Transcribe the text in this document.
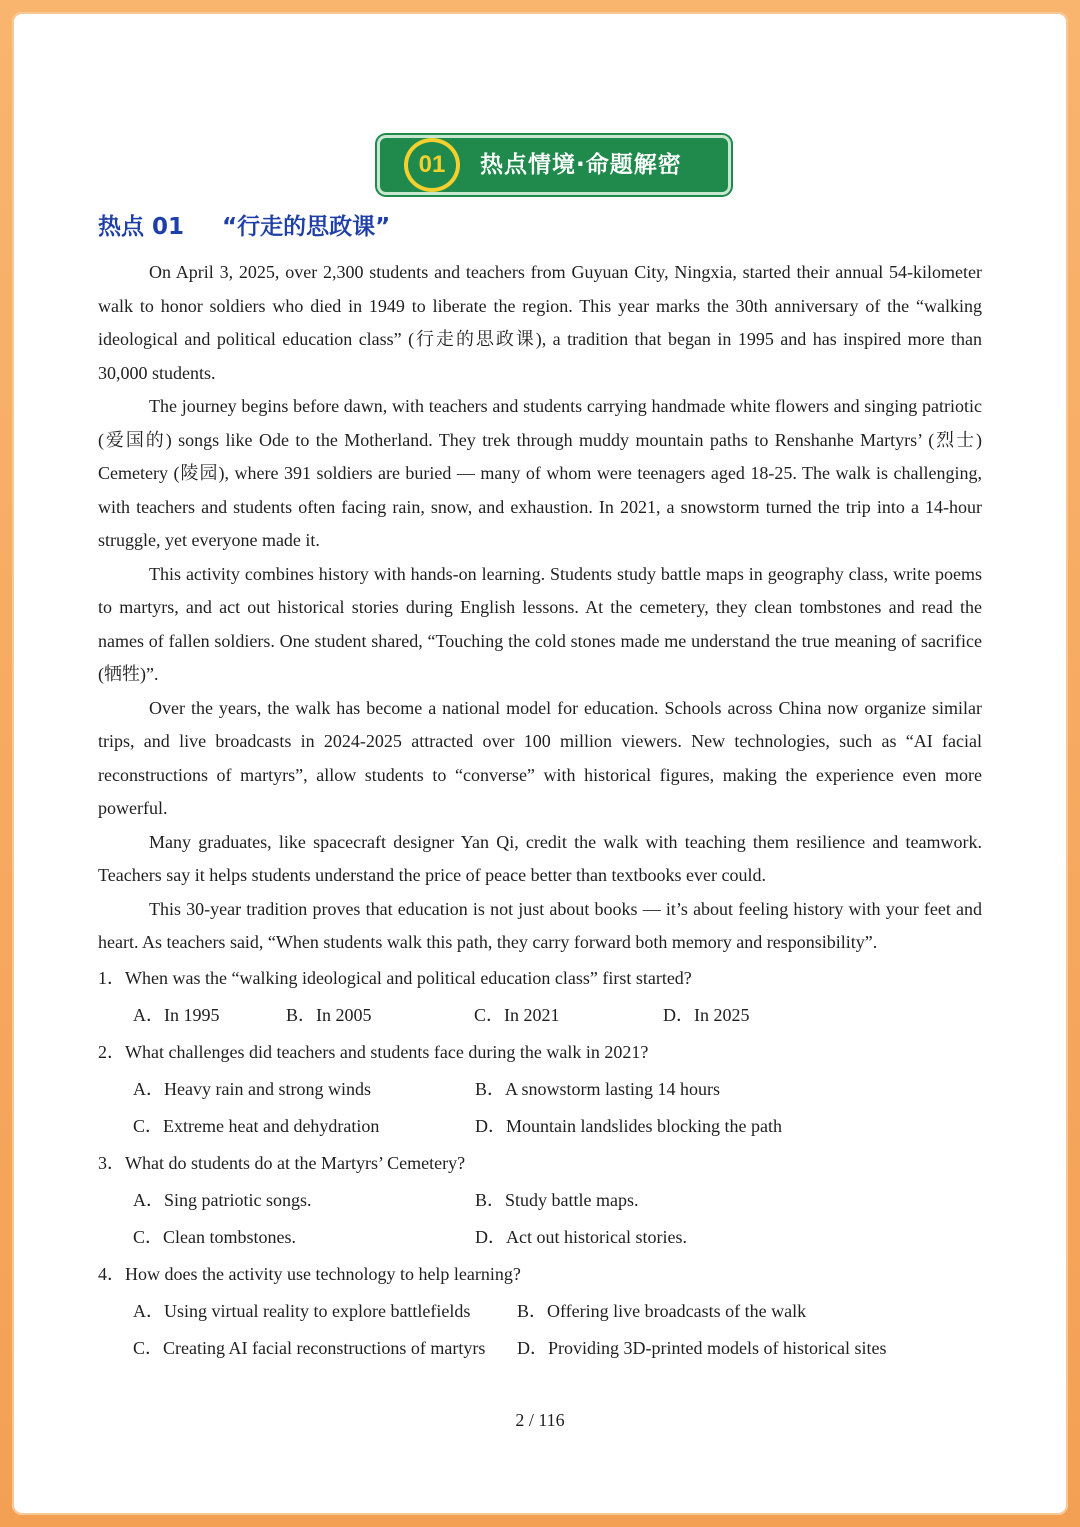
01	热点情境·命题解密
热点 01 “行走的思政课”

On April 3, 2025, over 2,300 students and teachers from Guyuan City, Ningxia, started their annual 54-kilometer walk to honor soldiers who died in 1949 to liberate the region. This year marks the 30th anniversary of the “walking ideological and political education class” (行走的思政课), a tradition that began in 1995 and has inspired more than 30,000 students.

The journey begins before dawn, with teachers and students carrying handmade white flowers and singing patriotic (爱国的) songs like Ode to the Motherland. They trek through muddy mountain paths to Renshanhe Martyrs’ (烈士) Cemetery (陵园), where 391 soldiers are buried — many of whom were teenagers aged 18-25. The walk is challenging, with teachers and students often facing rain, snow, and exhaustion. In 2021, a snowstorm turned the trip into a 14-hour struggle, yet everyone made it.

This activity combines history with hands-on learning. Students study battle maps in geography class, write poems to martyrs, and act out historical stories during English lessons. At the cemetery, they clean tombstones and read the names of fallen soldiers. One student shared, “Touching the cold stones made me understand the true meaning of sacrifice (牺牲)”.

Over the years, the walk has become a national model for education. Schools across China now organize similar trips, and live broadcasts in 2024-2025 attracted over 100 million viewers. New technologies, such as “AI facial reconstructions of martyrs”, allow students to “converse” with historical figures, making the experience even more powerful.

Many graduates, like spacecraft designer Yan Qi, credit the walk with teaching them resilience and teamwork. Teachers say it helps students understand the price of peace better than textbooks ever could.

This 30-year tradition proves that education is not just about books — it’s about feeling history with your feet and heart. As teachers said, “When students walk this path, they carry forward both memory and responsibility”.

1．When was the “walking ideological and political education class” first started?

A．In 1995	B．In 2005	C．In 2021	D．In 2025

2．What challenges did teachers and students face during the walk in 2021?

A．Heavy rain and strong winds	B．A snowstorm lasting 14 hours
C．Extreme heat and dehydration	D．Mountain landslides blocking the path

3．What do students do at the Martyrs’ Cemetery?

A．Sing patriotic songs.	B．Study battle maps.
C．Clean tombstones.	D．Act out historical stories.

4．How does the activity use technology to help learning?

A．Using virtual reality to explore battlefields	B．Offering live broadcasts of the walk
C．Creating AI facial reconstructions of martyrs	D．Providing 3D-printed models of historical sites
2 / 116
